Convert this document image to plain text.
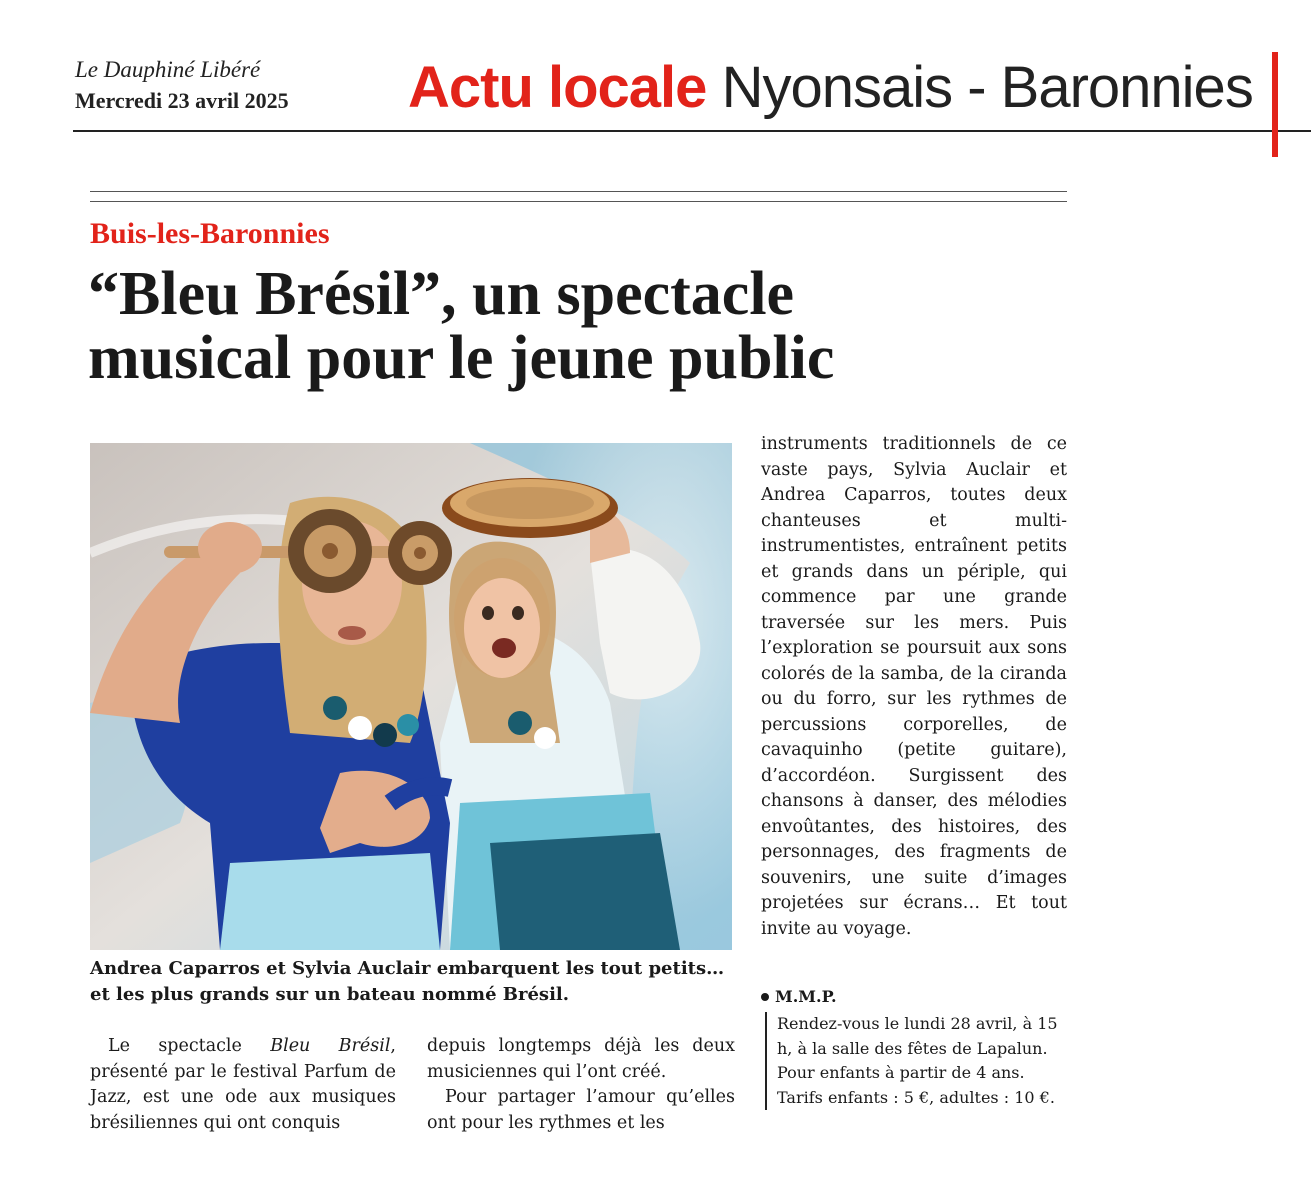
Le Dauphiné Libéré
Mercredi 23 avril 2025 Actu locale Nyonsais - Baronnies
Buis-les-Baronnies
“Bleu Brésil”, un spectacle
musical pour le jeune public
Andrea Caparros et Sylvia Auclair embarquent les tout petits… et les plus grands sur un bateau nommé Brésil.
Le spectacle Bleu Brésil, présenté par le festival Parfum de Jazz, est une ode aux musiques brésiliennes qui ont conquis
depuis longtemps déjà les deux musiciennes qui l’ont créé.
Pour partager l’amour qu’elles ont pour les rythmes et les
instruments traditionnels de ce vaste pays, Sylvia Auclair et Andrea Caparros, toutes deux chanteuses et multi-instrumentistes, entraînent petits et grands dans un périple, qui commence par une grande traversée sur les mers. Puis l’exploration se poursuit aux sons colorés de la samba, de la ciranda ou du forro, sur les rythmes de percussions corporelles, de cavaquinho (petite guitare), d’accordéon. Surgissent des chansons à danser, des mélodies envoûtantes, des histoires, des personnages, des fragments de souvenirs, une suite d’images projetées sur écrans… Et tout invite au voyage.
M.M.P.
Rendez-vous le lundi 28 avril, à 15 h, à la salle des fêtes de Lapalun. Pour enfants à partir de 4 ans. Tarifs enfants : 5 €, adultes : 10 €.
